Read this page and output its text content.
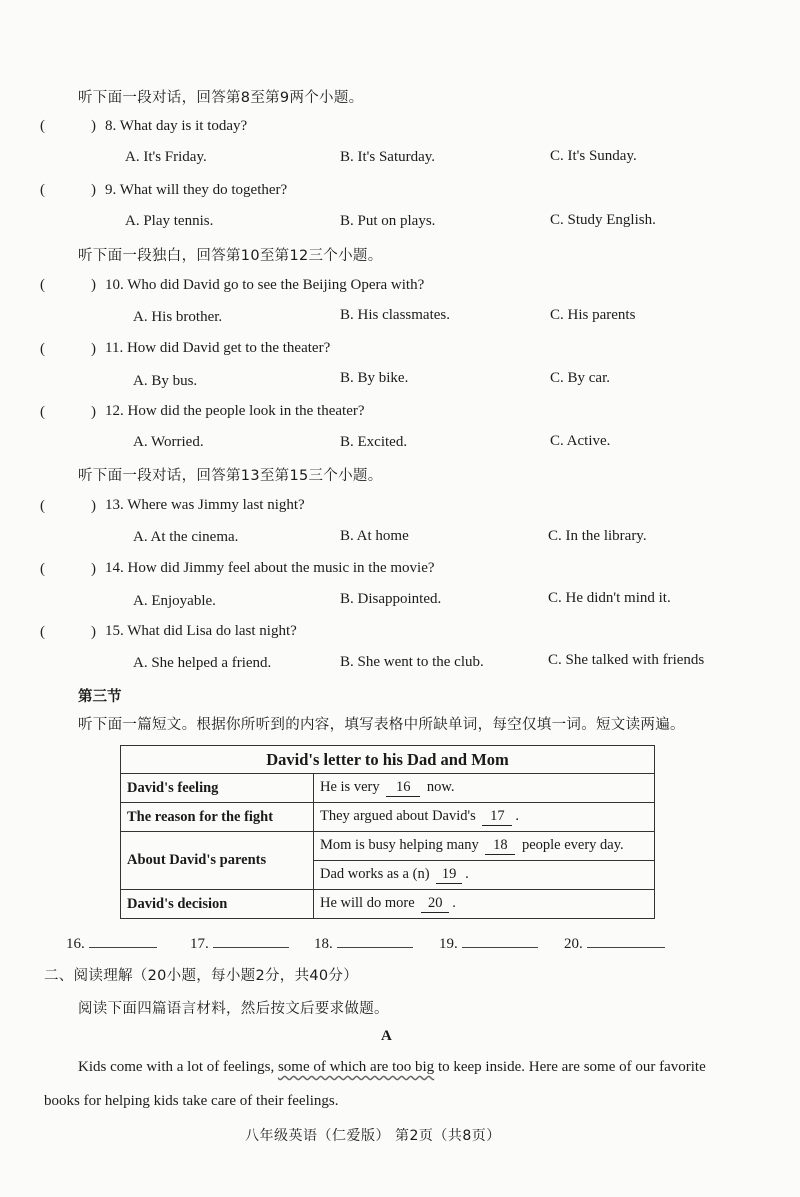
听下面一段对话，回答第8至第9两个小题。
(	) 8. What day is it today?
A. It's Friday.	B. It's Saturday.	C. It's Sunday.
(	) 9. What will they do together?
A. Play tennis.	B. Put on plays.	C. Study English.
听下面一段独白，回答第10至第12三个小题。
(	) 10. Who did David go to see the Beijing Opera with?
A. His brother.	B. His classmates.	C. His parents
(	) 11. How did David get to the theater?
A. By bus.	B. By bike.	C. By car.
(	) 12. How did the people look in the theater?
A. Worried.	B. Excited.	C. Active.
听下面一段对话，回答第13至第15三个小题。
(	) 13. Where was Jimmy last night?
A. At the cinema.	B. At home	C. In the library.
(	) 14. How did Jimmy feel about the music in the movie?
A. Enjoyable.	B. Disappointed.	C. He didn't mind it.
(	) 15. What did Lisa do last night?
A. She helped a friend.	B. She went to the club.	C. She talked with friends
第三节
听下面一篇短文。根据你所听到的内容，填写表格中所缺单词，每空仅填一词。短文读两遍。
David's letter to his Dad and Mom	
David's feeling	He is very 16 now.
The reason for the fight	They argued about David's 17 .
About David's parents	Mom is busy helping many 18 people every day.
	Dad works as a (n) 19 .
David's decision	He will do more 20 .
16.	17.	18.	19.	20.
二、阅读理解（20小题，每小题2分，共40分）
阅读下面四篇语言材料，然后按文后要求做题。
A
Kids come with a lot of feelings, some of which are too big to keep inside. Here are some of our favorite
books for helping kids take care of their feelings.
八年级英语（仁爱版） 第2页（共8页）
